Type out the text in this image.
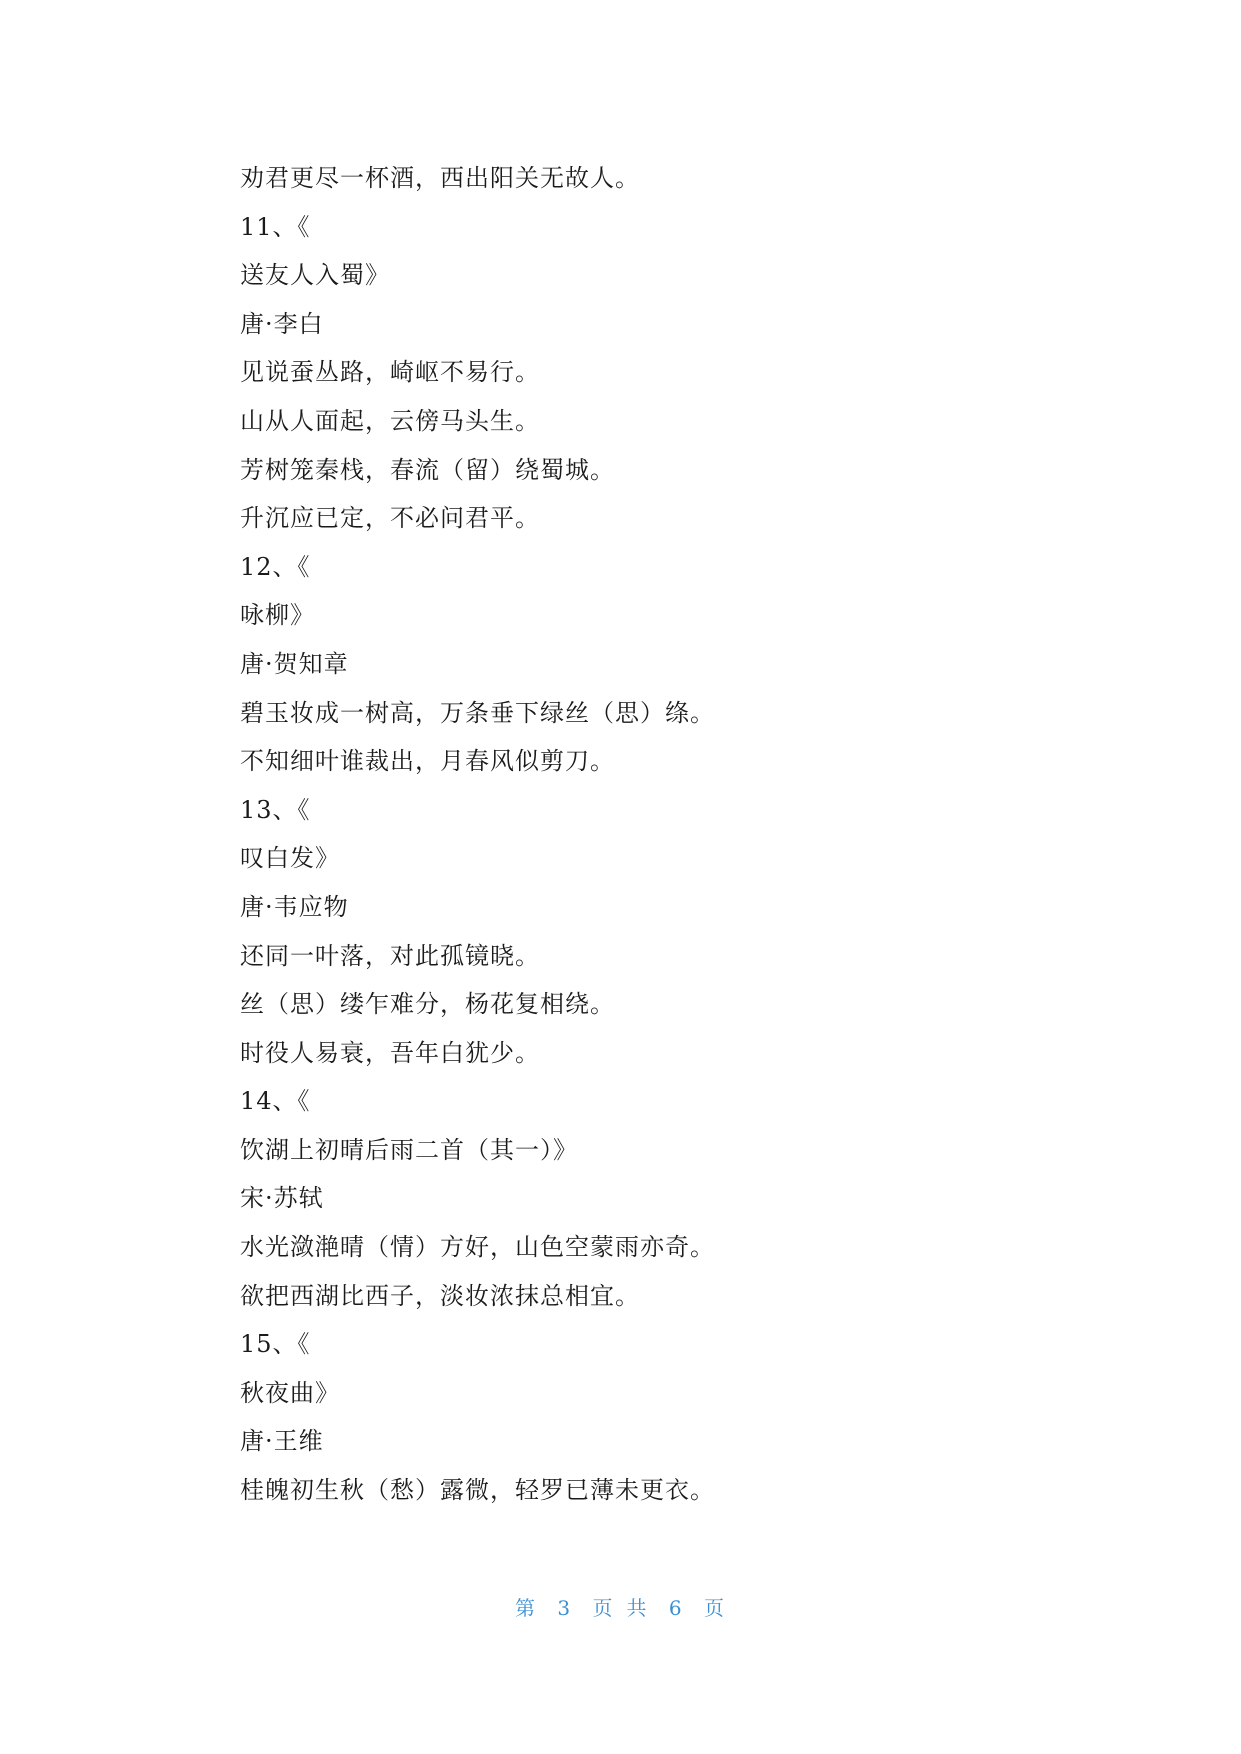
劝君更尽一杯酒，西出阳关无故人。
11、《
送友人入蜀》
唐·李白
见说蚕丛路，崎岖不易行。
山从人面起，云傍马头生。
芳树笼秦栈，春流（留）绕蜀城。
升沉应已定，不必问君平。
12、《
咏柳》
唐·贺知章
碧玉妆成一树高，万条垂下绿丝（思）绦。
不知细叶谁裁出，月春风似剪刀。
13、《
叹白发》
唐·韦应物
还同一叶落，对此孤镜晓。
丝（思）缕乍难分，杨花复相绕。
时役人易衰，吾年白犹少。
14、《
饮湖上初晴后雨二首（其一）》
宋·苏轼
水光潋滟晴（情）方好，山色空蒙雨亦奇。
欲把西湖比西子，淡妆浓抹总相宜。
15、《
秋夜曲》
唐·王维
桂魄初生秋（愁）露微，轻罗已薄未更衣。
第 3 页 共 6 页
